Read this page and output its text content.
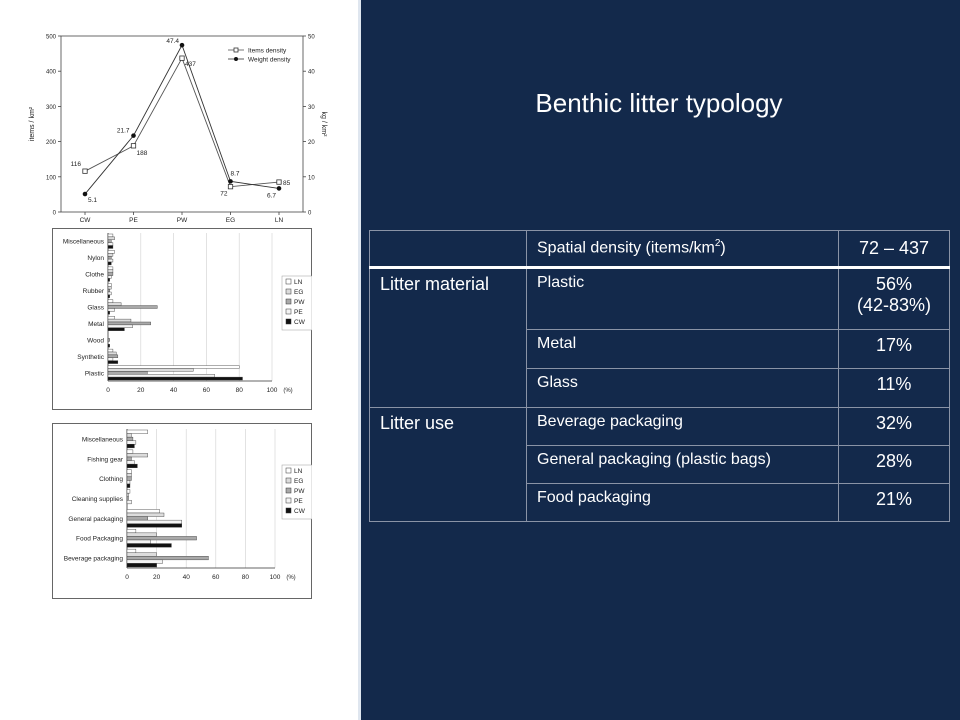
0
100
200
300
400
500
0
10
20
30
40
50
CW	PE	PW	EG	LN
items / km²	kg / km²
116
188
437
72
85
5.1
21.7
47.4
8.7
6.7
Items density
Weight density
0	20	40	60	80	100 (%)
Miscellaneous
Nylon
Clothe
Rubber
Glass
Metal
Wood
Synthetic
Plastic
LN
EG
PW
PE
CW
0	20	40	60	80	100 (%)
Miscellaneous
Fishing gear
Clothing
Cleaning supplies
General packaging
Food Packaging
Beverage packaging
LN
EG
PW
PE
CW
Benthic litter typology
	Spatial density $(items/km^2)$	72 – 437
Litter material	Plastic	56%
(42-83%)

	Metal	17%
	Glass	11%
Litter use	Beverage packaging	32%
	General packaging (plastic bags)	28%
	Food packaging	21%
